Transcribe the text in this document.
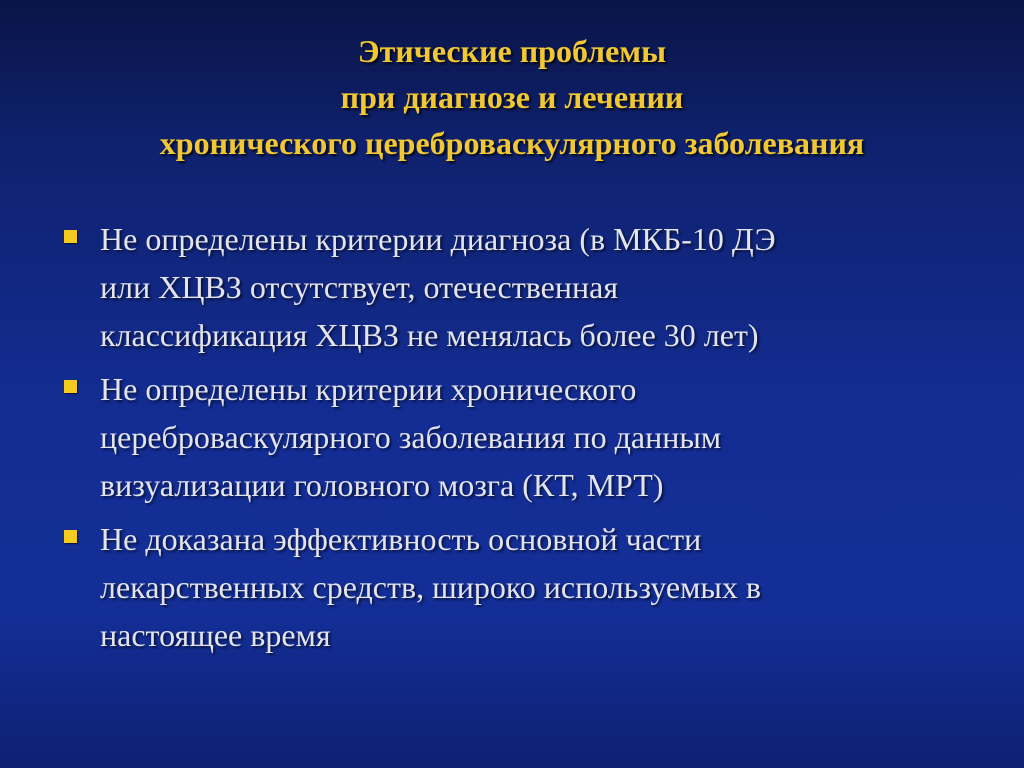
Этические проблемы
при диагнозе и лечении
хронического цереброваскулярного заболевания
Не определены критерии диагноза (в МКБ-10 ДЭ
или ХЦВЗ отсутствует, отечественная
классификация ХЦВЗ не менялась более 30 лет)
Не определены критерии хронического
цереброваскулярного заболевания по данным
визуализации головного мозга (КТ, МРТ)
Не доказана эффективность основной части
лекарственных средств, широко используемых в
настоящее время
